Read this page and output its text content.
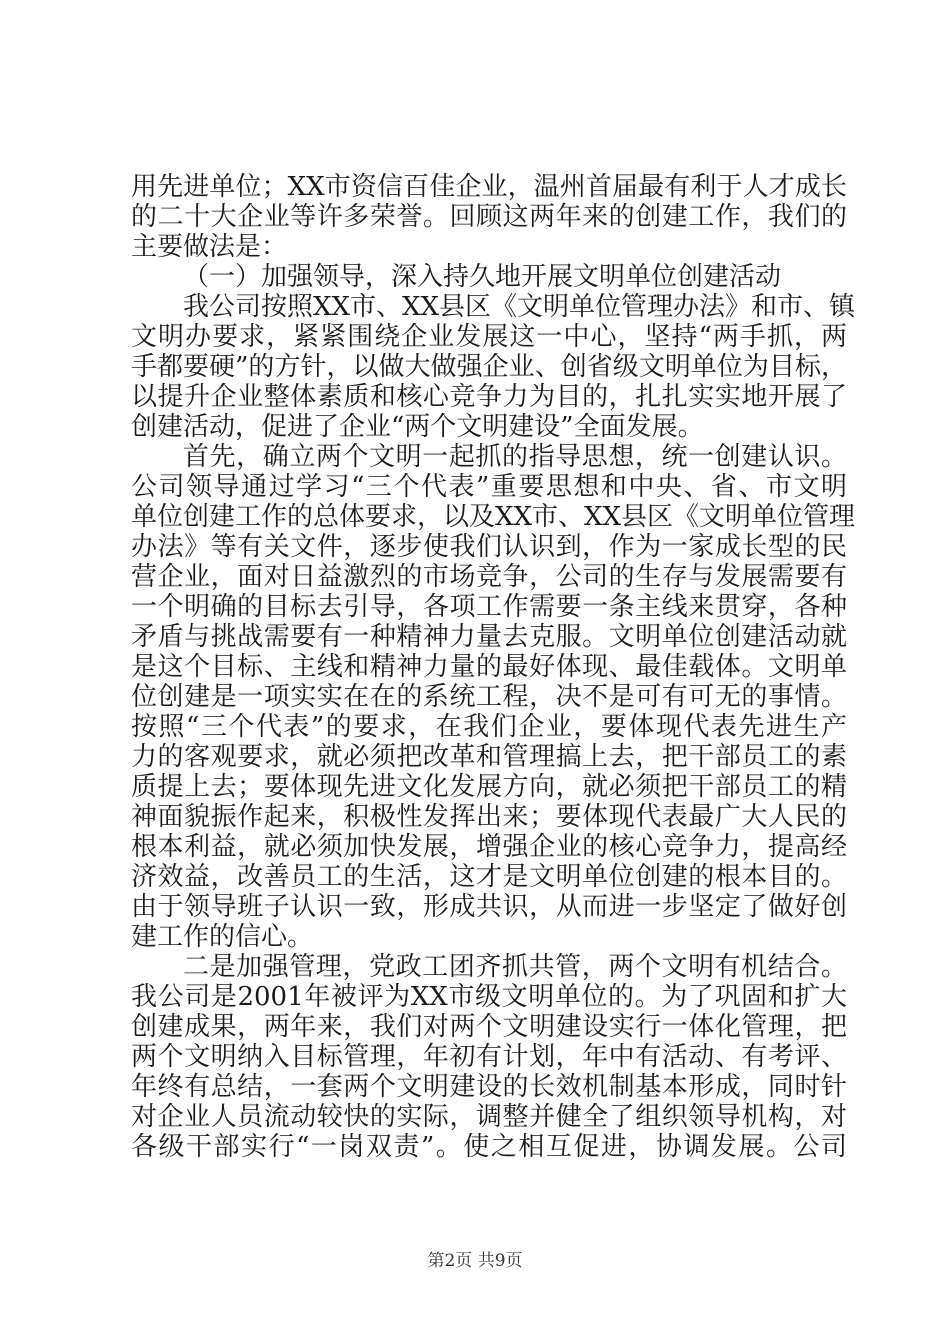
用先进单位；XX市资信百佳企业，温州首届最有利于人才成长
的二十大企业等许多荣誉。回顾这两年来的创建工作，我们的
主要做法是：
（一）加强领导，深入持久地开展文明单位创建活动
我公司按照XX市、XX县区《文明单位管理办法》和市、镇
文明办要求，紧紧围绕企业发展这一中心，坚持“两手抓，两
手都要硬”的方针，以做大做强企业、创省级文明单位为目标，
以提升企业整体素质和核心竞争力为目的，扎扎实实地开展了
创建活动，促进了企业“两个文明建设”全面发展。
首先，确立两个文明一起抓的指导思想，统一创建认识。
公司领导通过学习“三个代表”重要思想和中央、省、市文明
单位创建工作的总体要求，以及XX市、XX县区《文明单位管理
办法》等有关文件，逐步使我们认识到，作为一家成长型的民
营企业，面对日益激烈的市场竞争，公司的生存与发展需要有
一个明确的目标去引导，各项工作需要一条主线来贯穿，各种
矛盾与挑战需要有一种精神力量去克服。文明单位创建活动就
是这个目标、主线和精神力量的最好体现、最佳载体。文明单
位创建是一项实实在在的系统工程，决不是可有可无的事情。
按照“三个代表”的要求，在我们企业，要体现代表先进生产
力的客观要求，就必须把改革和管理搞上去，把干部员工的素
质提上去；要体现先进文化发展方向，就必须把干部员工的精
神面貌振作起来，积极性发挥出来；要体现代表最广大人民的
根本利益，就必须加快发展，增强企业的核心竞争力，提高经
济效益，改善员工的生活，这才是文明单位创建的根本目的。
由于领导班子认识一致，形成共识，从而进一步坚定了做好创
建工作的信心。
二是加强管理，党政工团齐抓共管，两个文明有机结合。
我公司是2001年被评为XX市级文明单位的。为了巩固和扩大
创建成果，两年来，我们对两个文明建设实行一体化管理，把
两个文明纳入目标管理，年初有计划，年中有活动、有考评、
年终有总结，一套两个文明建设的长效机制基本形成，同时针
对企业人员流动较快的实际，调整并健全了组织领导机构，对
各级干部实行“一岗双责”。使之相互促进，协调发展。公司
第2页 共9页
